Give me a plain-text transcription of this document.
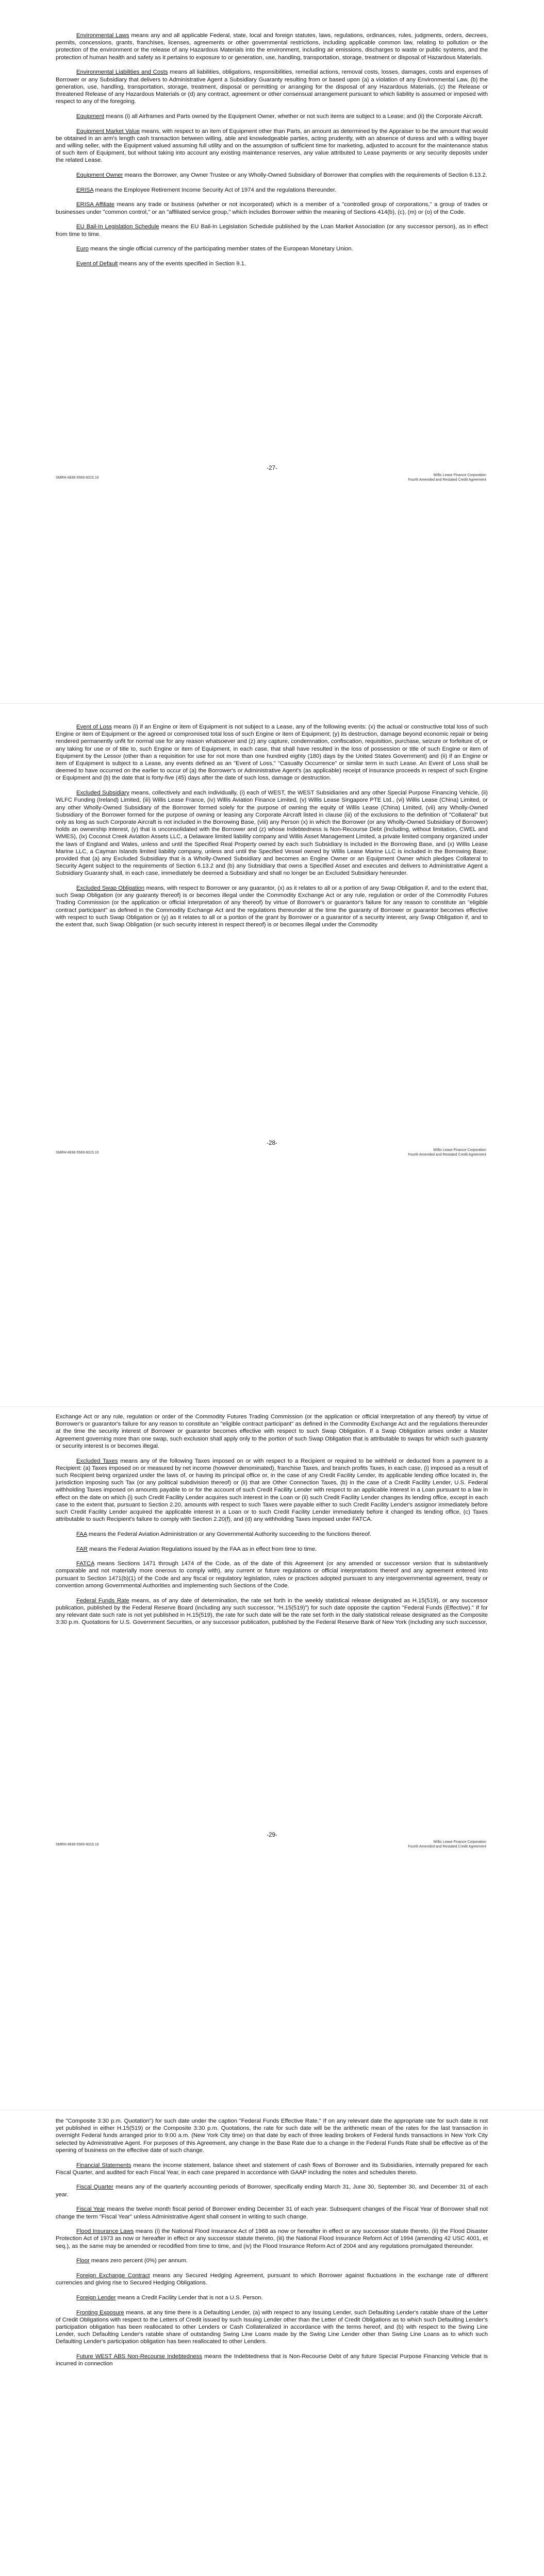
Environmental Laws means any and all applicable Federal, state, local and foreign statutes, laws, regulations, ordinances, rules, judgments, orders, decrees, permits, concessions, grants, franchises, licenses, agreements or other governmental restrictions, including applicable common law, relating to pollution or the protection of the environment or the release of any Hazardous Materials into the environment, including air emissions, discharges to waste or public systems, and the protection of human health and safety as it pertains to exposure to or generation, use, handling, transportation, storage, treatment or disposal of Hazardous Materials.

Environmental Liabilities and Costs means all liabilities, obligations, responsibilities, remedial actions, removal costs, losses, damages, costs and expenses of Borrower or any Subsidiary that delivers to Administrative Agent a Subsidiary Guaranty resulting from or based upon (a) a violation of any Environmental Law, (b) the generation, use, handling, transportation, storage, treatment, disposal or permitting or arranging for the disposal of any Hazardous Materials, (c) the Release or threatened Release of any Hazardous Materials or (d) any contract, agreement or other consensual arrangement pursuant to which liability is assumed or imposed with respect to any of the foregoing.

Equipment means (i) all Airframes and Parts owned by the Equipment Owner, whether or not such items are subject to a Lease; and (ii) the Corporate Aircraft.

Equipment Market Value means, with respect to an item of Equipment other than Parts, an amount as determined by the Appraiser to be the amount that would be obtained in an arm's length cash transaction between willing, able and knowledgeable parties, acting prudently, with an absence of duress and with a willing buyer and willing seller, with the Equipment valued assuming full utility and on the assumption of sufficient time for marketing, adjusted to account for the maintenance status of such item of Equipment, but without taking into account any existing maintenance reserves, any value attributed to Lease payments or any security deposits under the related Lease.

Equipment Owner means the Borrower, any Owner Trustee or any Wholly-Owned Subsidiary of Borrower that complies with the requirements of Section 6.13.2.

ERISA means the Employee Retirement Income Security Act of 1974 and the regulations thereunder.

ERISA Affiliate means any trade or business (whether or not incorporated) which is a member of a "controlled group of corporations," a group of trades or businesses under "common control," or an "affiliated service group," which includes Borrower within the meaning of Sections 414(b), (c), (m) or (o) of the Code.

EU Bail-In Legislation Schedule means the EU Bail-In Legislation Schedule published by the Loan Market Association (or any successor person), as in effect from time to time.

Euro means the single official currency of the participating member states of the European Monetary Union.

Event of Default means any of the events specified in Section 9.1.

-27-
SMRH:4838-5569-6015.10
Willis Lease Finance Corporation
Fourth Amended and Restated Credit Agreement

Event of Loss means (i) if an Engine or item of Equipment is not subject to a Lease, any of the following events: (x) the actual or constructive total loss of such Engine or item of Equipment or the agreed or compromised total loss of such Engine or item of Equipment; (y) its destruction, damage beyond economic repair or being rendered permanently unfit for normal use for any reason whatsoever and (z) any capture, condemnation, confiscation, requisition, purchase, seizure or forfeiture of, or any taking for use or of title to, such Engine or item of Equipment, in each case, that shall have resulted in the loss of possession or title of such Engine or item of Equipment by the Lessor (other than a requisition for use for not more than one hundred eighty (180) days by the United States Government) and (ii) if an Engine or item of Equipment is subject to a Lease, any events defined as an "Event of Loss," "Casualty Occurrence" or similar term in such Lease. An Event of Loss shall be deemed to have occurred on the earlier to occur of (a) the Borrower's or Administrative Agent's (as applicable) receipt of insurance proceeds in respect of such Engine or Equipment and (b) the date that is forty-five (45) days after the date of such loss, damage or destruction.

Excluded Subsidiary means, collectively and each individually, (i) each of WEST, the WEST Subsidiaries and any other Special Purpose Financing Vehicle, (ii) WLFC Funding (Ireland) Limited, (iii) Willis Lease France, (iv) Willis Aviation Finance Limited, (v) Willis Lease Singapore PTE Ltd., (vi) Willis Lease (China) Limited, or any other Wholly-Owned Subsidiary of the Borrower formed solely for the purpose of owning the equity of Willis Lease (China) Limited, (vii) any Wholly-Owned Subsidiary of the Borrower formed for the purpose of owning or leasing any Corporate Aircraft listed in clause (iii) of the exclusions to the definition of "Collateral" but only as long as such Corporate Aircraft is not included in the Borrowing Base, (viii) any Person (x) in which the Borrower (or any Wholly-Owned Subsidiary of Borrower) holds an ownership interest, (y) that is unconsolidated with the Borrower and (z) whose Indebtedness is Non-Recourse Debt (including, without limitation, CWEL and WMES), (ix) Coconut Creek Aviation Assets LLC, a Delaware limited liability company and Willis Asset Management Limited, a private limited company organized under the laws of England and Wales, unless and until the Specified Real Property owned by each such Subsidiary is included in the Borrowing Base, and (x) Willis Lease Marine LLC, a Cayman Islands limited liability company, unless and until the Specified Vessel owned by Willis Lease Marine LLC is included in the Borrowing Base; provided that (a) any Excluded Subsidiary that is a Wholly-Owned Subsidiary and becomes an Engine Owner or an Equipment Owner which pledges Collateral to Security Agent subject to the requirements of Section 6.13.2 and (b) any Subsidiary that owns a Specified Asset and executes and delivers to Administrative Agent a Subsidiary Guaranty shall, in each case, immediately be deemed a Subsidiary and shall no longer be an Excluded Subsidiary hereunder.

Excluded Swap Obligation means, with respect to Borrower or any guarantor, (x) as it relates to all or a portion of any Swap Obligation if, and to the extent that, such Swap Obligation (or any guaranty thereof) is or becomes illegal under the Commodity Exchange Act or any rule, regulation or order of the Commodity Futures Trading Commission (or the application or official interpretation of any thereof) by virtue of Borrower's or guarantor's failure for any reason to constitute an "eligible contract participant" as defined in the Commodity Exchange Act and the regulations thereunder at the time the guaranty of Borrower or guarantor becomes effective with respect to such Swap Obligation or (y) as it relates to all or a portion of the grant by Borrower or a guarantor of a security interest, any Swap Obligation if, and to the extent that, such Swap Obligation (or such security interest in respect thereof) is or becomes illegal under the Commodity

-28-
SMRH:4838-5569-6015.10
Willis Lease Finance Corporation
Fourth Amended and Restated Credit Agreement

Exchange Act or any rule, regulation or order of the Commodity Futures Trading Commission (or the application or official interpretation of any thereof) by virtue of Borrower's or guarantor's failure for any reason to constitute an "eligible contract participant" as defined in the Commodity Exchange Act and the regulations thereunder at the time the security interest of Borrower or guarantor becomes effective with respect to such Swap Obligation. If a Swap Obligation arises under a Master Agreement governing more than one swap, such exclusion shall apply only to the portion of such Swap Obligation that is attributable to swaps for which such guaranty or security interest is or becomes illegal.

Excluded Taxes means any of the following Taxes imposed on or with respect to a Recipient or required to be withheld or deducted from a payment to a Recipient: (a) Taxes imposed on or measured by net income (however denominated), franchise Taxes, and branch profits Taxes, in each case, (i) imposed as a result of such Recipient being organized under the laws of, or having its principal office or, in the case of any Credit Facility Lender, its applicable lending office located in, the jurisdiction imposing such Tax (or any political subdivision thereof) or (ii) that are Other Connection Taxes, (b) in the case of a Credit Facility Lender, U.S. Federal withholding Taxes imposed on amounts payable to or for the account of such Credit Facility Lender with respect to an applicable interest in a Loan pursuant to a law in effect on the date on which (i) such Credit Facility Lender acquires such interest in the Loan or (ii) such Credit Facility Lender changes its lending office, except in each case to the extent that, pursuant to Section 2.20, amounts with respect to such Taxes were payable either to such Credit Facility Lender's assignor immediately before such Credit Facility Lender acquired the applicable interest in a Loan or to such Credit Facility Lender immediately before it changed its lending office, (c) Taxes attributable to such Recipient's failure to comply with Section 2.20(f), and (d) any withholding Taxes imposed under FATCA.

FAA means the Federal Aviation Administration or any Governmental Authority succeeding to the functions thereof.

FAR means the Federal Aviation Regulations issued by the FAA as in effect from time to time.

FATCA means Sections 1471 through 1474 of the Code, as of the date of this Agreement (or any amended or successor version that is substantively comparable and not materially more onerous to comply with), any current or future regulations or official interpretations thereof and any agreement entered into pursuant to Section 1471(b)(1) of the Code and any fiscal or regulatory legislation, rules or practices adopted pursuant to any intergovernmental agreement, treaty or convention among Governmental Authorities and implementing such Sections of the Code.

Federal Funds Rate means, as of any date of determination, the rate set forth in the weekly statistical release designated as H.15(519), or any successor publication, published by the Federal Reserve Board (including any such successor, "H.15(519)") for such date opposite the caption "Federal Funds (Effective)." If for any relevant date such rate is not yet published in H.15(519), the rate for such date will be the rate set forth in the daily statistical release designated as the Composite 3:30 p.m. Quotations for U.S. Government Securities, or any successor publication, published by the Federal Reserve Bank of New York (including any such successor,

-29-
SMRH:4838-5569-6015.10
Willis Lease Finance Corporation
Fourth Amended and Restated Credit Agreement

the "Composite 3:30 p.m. Quotation") for such date under the caption "Federal Funds Effective Rate." If on any relevant date the appropriate rate for such date is not yet published in either H.15(519) or the Composite 3:30 p.m. Quotations, the rate for such date will be the arithmetic mean of the rates for the last transaction in overnight Federal funds arranged prior to 9:00 a.m. (New York City time) on that date by each of three leading brokers of Federal funds transactions in New York City selected by Administrative Agent. For purposes of this Agreement, any change in the Base Rate due to a change in the Federal Funds Rate shall be effective as of the opening of business on the effective date of such change.

Financial Statements means the income statement, balance sheet and statement of cash flows of Borrower and its Subsidiaries, internally prepared for each Fiscal Quarter, and audited for each Fiscal Year, in each case prepared in accordance with GAAP including the notes and schedules thereto.

Fiscal Quarter means any of the quarterly accounting periods of Borrower, specifically ending March 31, June 30, September 30, and December 31 of each year.

Fiscal Year means the twelve month fiscal period of Borrower ending December 31 of each year. Subsequent changes of the Fiscal Year of Borrower shall not change the term "Fiscal Year" unless Administrative Agent shall consent in writing to such change.

Flood Insurance Laws means (i) the National Flood Insurance Act of 1968 as now or hereafter in effect or any successor statute thereto, (ii) the Flood Disaster Protection Act of 1973 as now or hereafter in effect or any successor statute thereto, (iii) the National Flood Insurance Reform Act of 1994 (amending 42 USC 4001, et seq.), as the same may be amended or recodified from time to time, and (iv) the Flood Insurance Reform Act of 2004 and any regulations promulgated thereunder.

Floor means zero percent (0%) per annum.

Foreign Exchange Contract means any Secured Hedging Agreement, pursuant to which Borrower against fluctuations in the exchange rate of different currencies and giving rise to Secured Hedging Obligations.

Foreign Lender means a Credit Facility Lender that is not a U.S. Person.

Fronting Exposure means, at any time there is a Defaulting Lender, (a) with respect to any Issuing Lender, such Defaulting Lender's ratable share of the Letter of Credit Obligations with respect to the Letters of Credit issued by such Issuing Lender other than the Letter of Credit Obligations as to which such Defaulting Lender's participation obligation has been reallocated to other Lenders or Cash Collateralized in accordance with the terms hereof, and (b) with respect to the Swing Line Lender, such Defaulting Lender's ratable share of outstanding Swing Line Loans made by the Swing Line Lender other than Swing Line Loans as to which such Defaulting Lender's participation obligation has been reallocated to other Lenders.

Future WEST ABS Non-Recourse Indebtedness means the Indebtedness that is Non-Recourse Debt of any future Special Purpose Financing Vehicle that is incurred in connection
